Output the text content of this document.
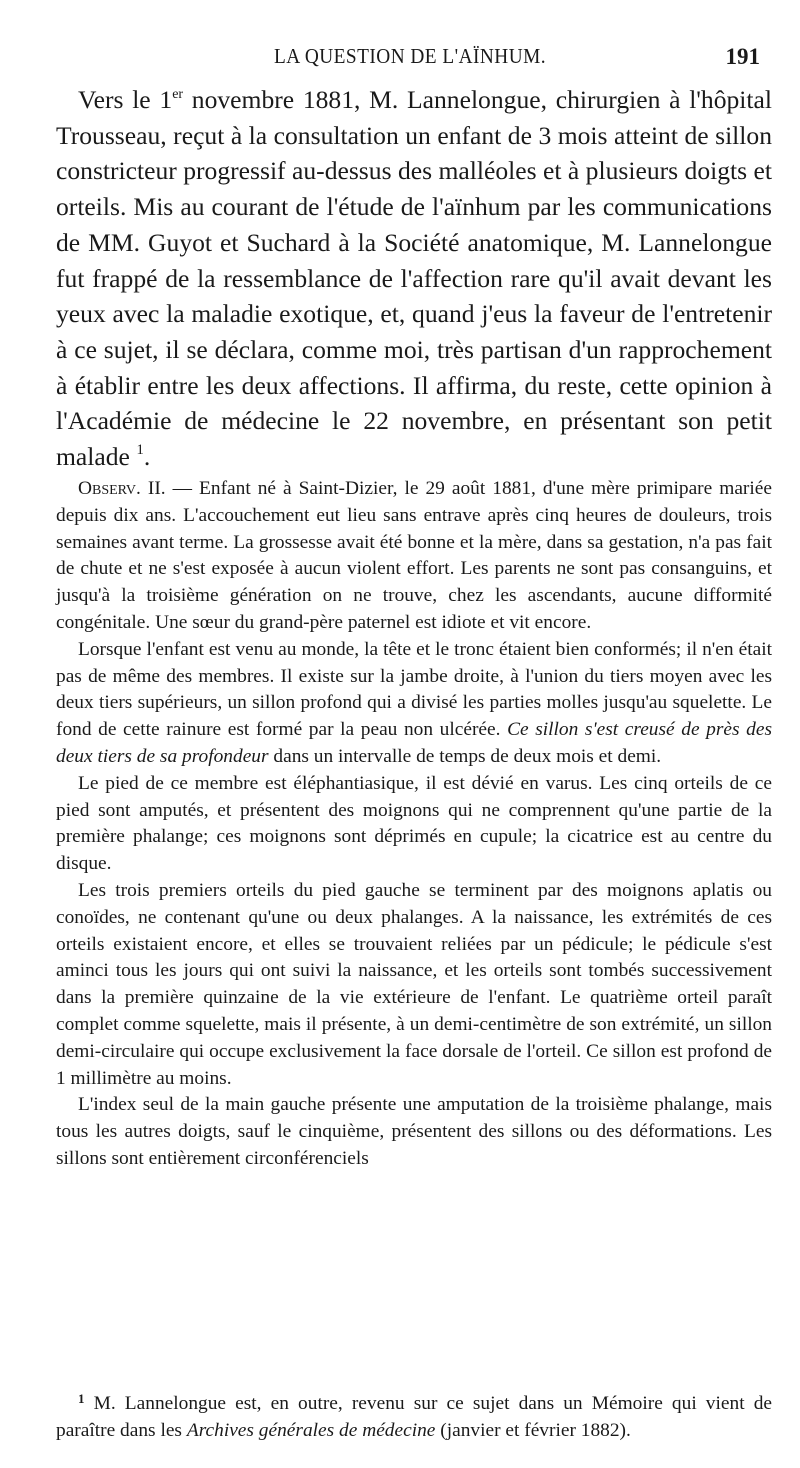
LA QUESTION DE L'AÏNHUM.	191

Vers le 1er novembre 1881, M. Lannelongue, chirurgien à l'hôpital Trousseau, reçut à la consultation un enfant de 3 mois atteint de sillon constricteur progressif au-dessus des malléoles et à plusieurs doigts et orteils. Mis au courant de l'étude de l'aïnhum par les communications de MM. Guyot et Suchard à la Société anatomique, M. Lannelongue fut frappé de la ressemblance de l'affection rare qu'il avait devant les yeux avec la maladie exotique, et, quand j'eus la faveur de l'entretenir à ce sujet, il se déclara, comme moi, très partisan d'un rapprochement à établir entre les deux affections. Il affirma, du reste, cette opinion à l'Académie de médecine le 22 novembre, en présentant son petit malade $^1$.

Observ. II. — Enfant né à Saint-Dizier, le 29 août 1881, d'une mère primipare mariée depuis dix ans. L'accouchement eut lieu sans entrave après cinq heures de douleurs, trois semaines avant terme. La grossesse avait été bonne et la mère, dans sa gestation, n'a pas fait de chute et ne s'est exposée à aucun violent effort. Les parents ne sont pas consanguins, et jusqu'à la troisième génération on ne trouve, chez les ascendants, aucune difformité congénitale. Une sœur du grand-père paternel est idiote et vit encore.

Lorsque l'enfant est venu au monde, la tête et le tronc étaient bien conformés; il n'en était pas de même des membres. Il existe sur la jambe droite, à l'union du tiers moyen avec les deux tiers supérieurs, un sillon profond qui a divisé les parties molles jusqu'au squelette. Le fond de cette rainure est formé par la peau non ulcérée. Ce sillon s'est creusé de près des deux tiers de sa profondeur dans un intervalle de temps de deux mois et demi.

Le pied de ce membre est éléphantiasique, il est dévié en varus. Les cinq orteils de ce pied sont amputés, et présentent des moignons qui ne comprennent qu'une partie de la première phalange; ces moignons sont déprimés en cupule; la cicatrice est au centre du disque.

Les trois premiers orteils du pied gauche se terminent par des moignons aplatis ou conoïdes, ne contenant qu'une ou deux phalanges. A la naissance, les extrémités de ces orteils existaient encore, et elles se trouvaient reliées par un pédicule; le pédicule s'est aminci tous les jours qui ont suivi la naissance, et les orteils sont tombés successivement dans la première quinzaine de la vie extérieure de l'enfant. Le quatrième orteil paraît complet comme squelette, mais il présente, à un demi-centimètre de son extrémité, un sillon demi-circulaire qui occupe exclusivement la face dorsale de l'orteil. Ce sillon est profond de 1 millimètre au moins.

L'index seul de la main gauche présente une amputation de la troisième phalange, mais tous les autres doigts, sauf le cinquième, présentent des sillons ou des déformations. Les sillons sont entièrement circonférenciels

$^1$ M. Lannelongue est, en outre, revenu sur ce sujet dans un Mémoire qui vient de paraître dans les Archives générales de médecine (janvier et février 1882).
